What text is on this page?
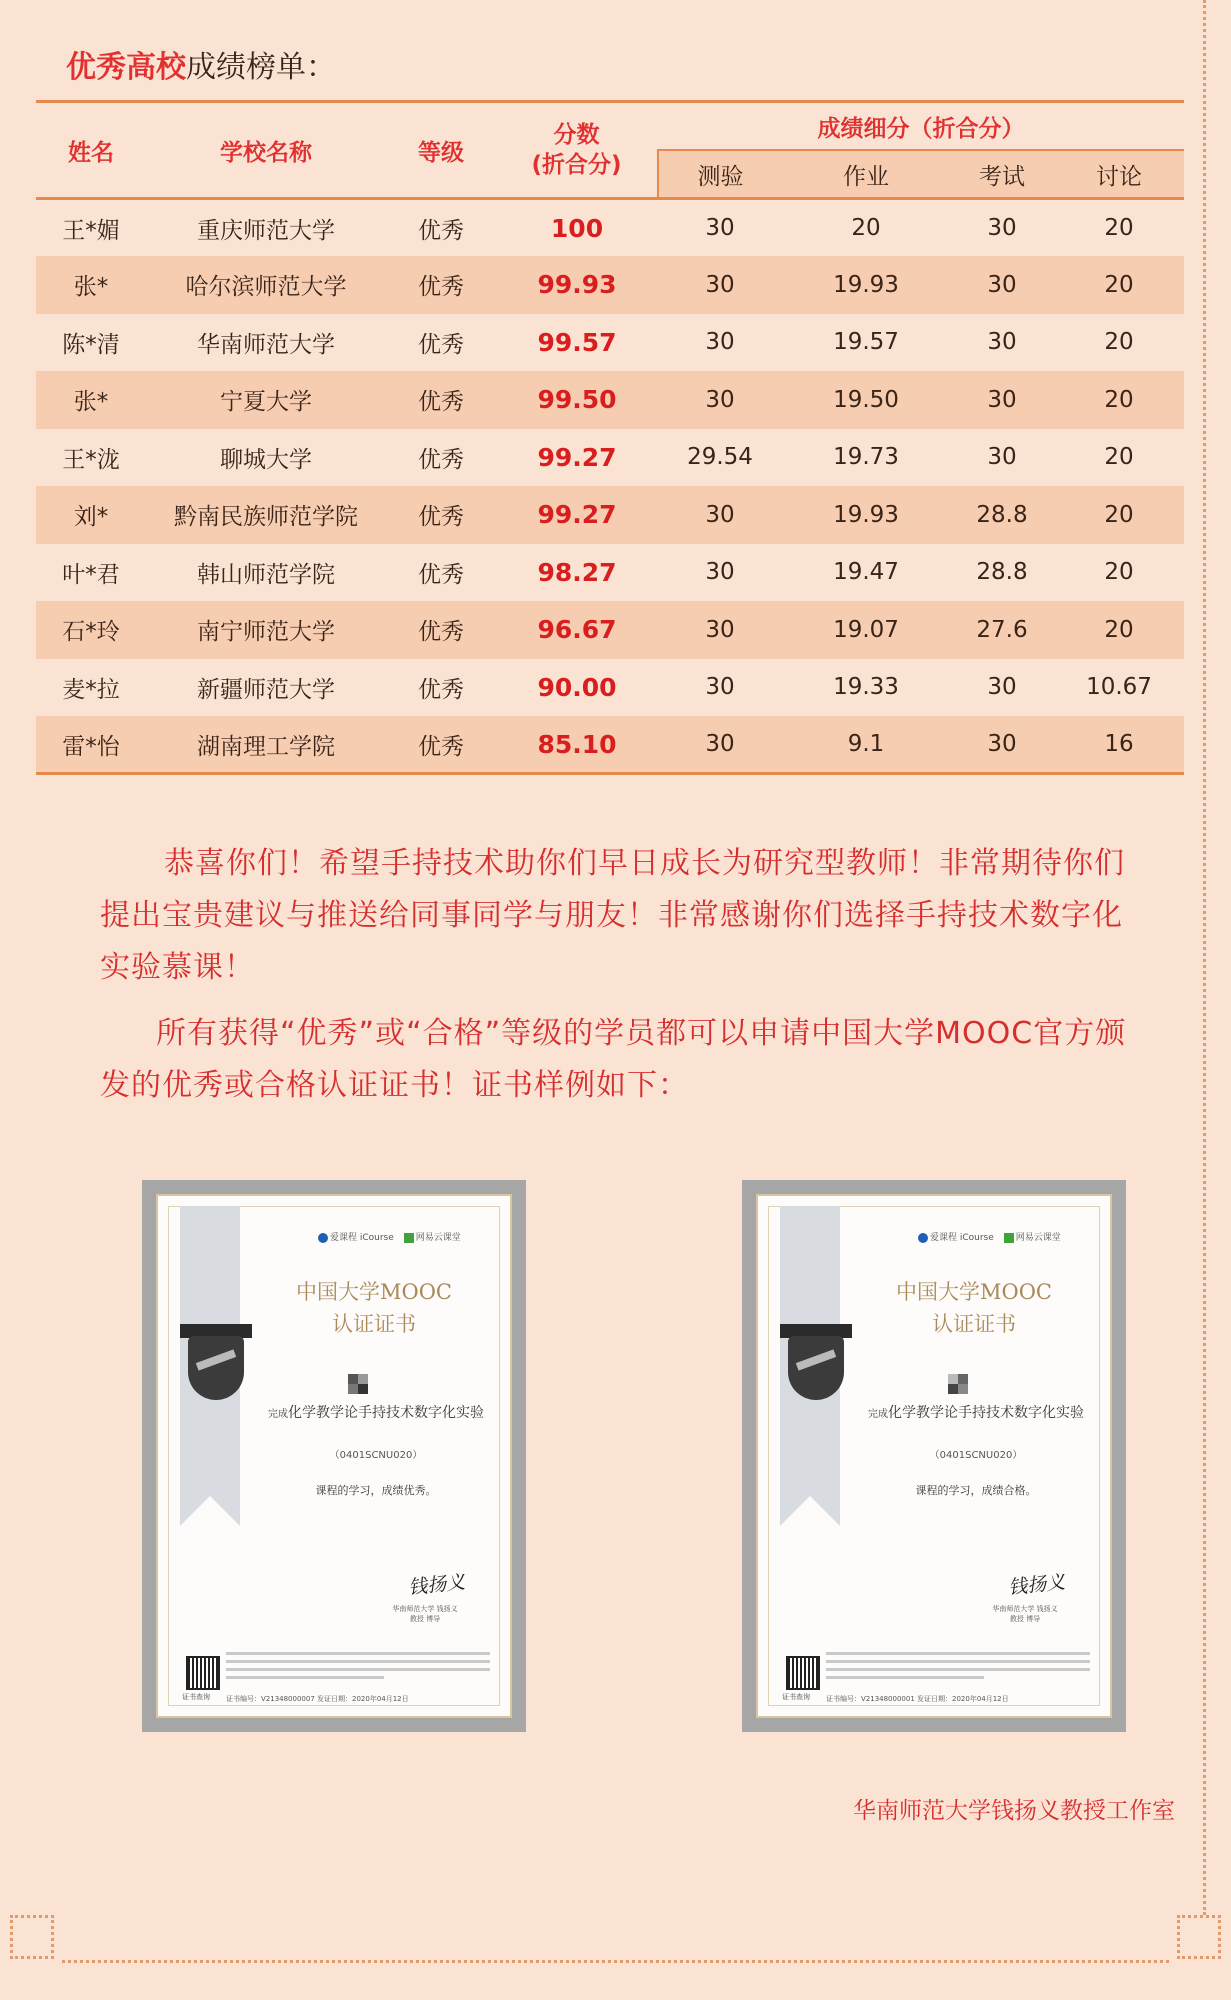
优秀高校成绩榜单：
姓名	学校名称	等级	分数
(折合分)	成绩细分（折合分）			
				测验	作业	考试	讨论
王*媚	重庆师范大学	优秀	100	30	20	30	20
张*	哈尔滨师范大学	优秀	99.93	30	19.93	30	20
陈*清	华南师范大学	优秀	99.57	30	19.57	30	20
张*	宁夏大学	优秀	99.50	30	19.50	30	20
王*泷	聊城大学	优秀	99.27	29.54	19.73	30	20
刘*	黔南民族师范学院	优秀	99.27	30	19.93	28.8	20
叶*君	韩山师范学院	优秀	98.27	30	19.47	28.8	20
石*玲	南宁师范大学	优秀	96.67	30	19.07	27.6	20
麦*拉	新疆师范大学	优秀	90.00	30	19.33	30	10.67
雷*怡	湖南理工学院	优秀	85.10	30	9.1	30	16
恭喜你们！希望手持技术助你们早日成长为研究型教师！非常期待你们提出宝贵建议与推送给同事同学与朋友！非常感谢你们选择手持技术数字化实验慕课！
所有获得“优秀”或“合格”等级的学员都可以申请中国大学MOOC官方颁发的优秀或合格认证证书！证书样例如下：
爱课程 iCourse 网易云课堂
中国大学MOOC
认证证书
完成化学教学论手持技术数字化实验
（0401SCNU020）
课程的学习，成绩优秀。
钱扬义
华南师范大学 钱扬义 教授 博导
证书查询 证书编号：V21348000007 发证日期：2020年04月12日
爱课程 iCourse 网易云课堂
中国大学MOOC
认证证书
完成化学教学论手持技术数字化实验
（0401SCNU020）
课程的学习，成绩合格。
钱扬义
华南师范大学 钱扬义 教授 博导
证书查询 证书编号：V21348000001 发证日期：2020年04月12日
华南师范大学钱扬义教授工作室
